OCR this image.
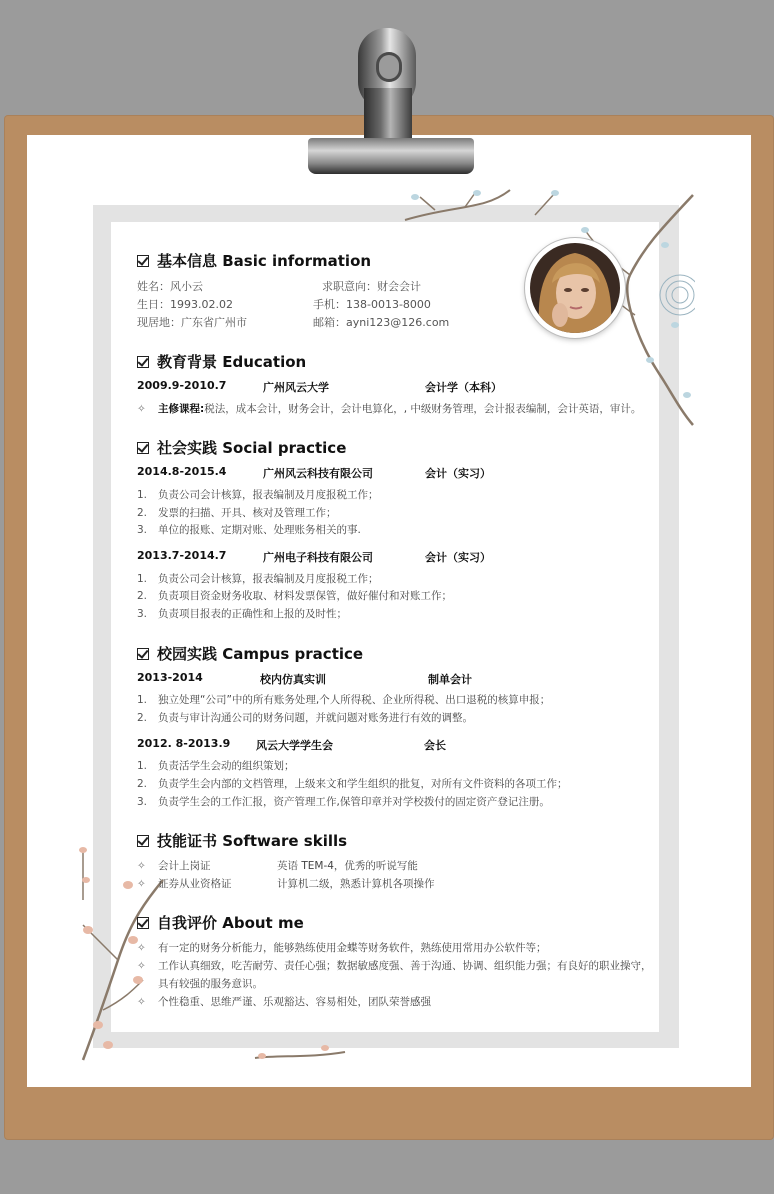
基本信息 Basic information
姓名：风小云	求职意向：财会会计
生日：1993.02.02	手机：138-0013-8000
现居地：广东省广州市	邮箱：ayni123@126.com
教育背景 Education
2009.9-2010.7	广州风云大学	会计学（本科）
✧ 主修课程:税法，成本会计，财务会计，会计电算化，, 中级财务管理，会计报表编制，会计英语，审计。
社会实践 Social practice
2014.8-2015.4	广州风云科技有限公司	会计（实习）
1. 负责公司会计核算，报表编制及月度报税工作；
2. 发票的扫描、开具、核对及管理工作；
3. 单位的报账、定期对账、处理账务相关的事.
2013.7-2014.7	广州电子科技有限公司	会计（实习）
1. 负责公司会计核算，报表编制及月度报税工作；
2. 负责项目资金财务收取、材料发票保管，做好催付和对账工作；
3. 负责项目报表的正确性和上报的及时性；
校园实践 Campus practice
2013-2014	校内仿真实训	制单会计
1. 独立处理“公司”中的所有账务处理,个人所得税、企业所得税、出口退税的核算申报；
2. 负责与审计沟通公司的财务问题，并就问题对账务进行有效的调整。
2012. 8-2013.9 风云大学学生会	会长
1. 负责活学生会动的组织策划；
2. 负责学生会内部的文档管理，上级来文和学生组织的批复，对所有文件资料的各项工作；
3. 负责学生会的工作汇报，资产管理工作,保管印章并对学校拨付的固定资产登记注册。
技能证书 Software skills
✧ 会计上岗证	英语 TEM-4，优秀的听说写能
✧ 证券从业资格证	计算机二级，熟悉计算机各项操作
自我评价 About me
✧ 有一定的财务分析能力，能够熟练使用金蝶等财务软件，熟练使用常用办公软件等；
✧ 工作认真细致，吃苦耐劳、责任心强；数据敏感度强、善于沟通、协调、组织能力强；有良好的职业操守，
具有较强的服务意识。
✧ 个性稳重、思维严谨、乐观豁达、容易相处，团队荣誉感强
